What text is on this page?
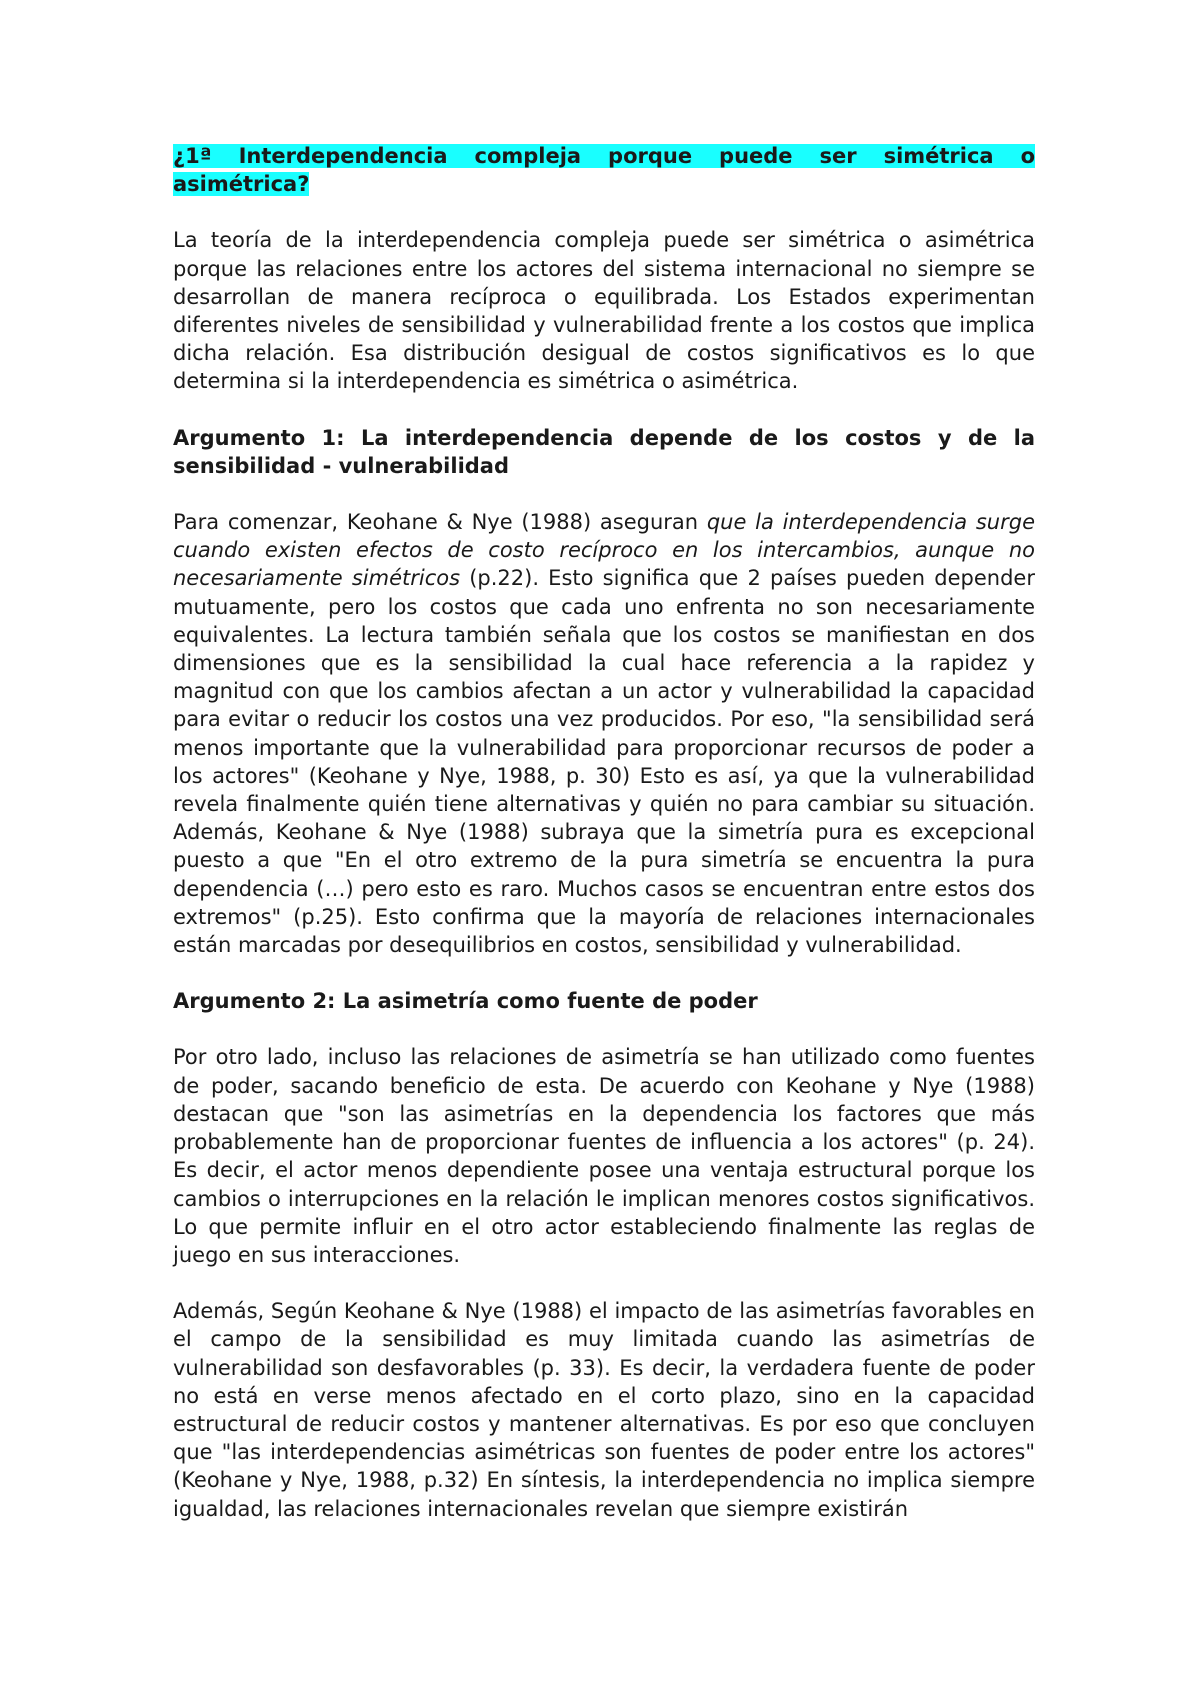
¿1ª Interdependencia compleja porque puede ser simétrica o asimétrica?

La teoría de la interdependencia compleja puede ser simétrica o asimétrica porque las relaciones entre los actores del sistema internacional no siempre se desarrollan de manera recíproca o equilibrada. Los Estados experimentan diferentes niveles de sensibilidad y vulnerabilidad frente a los costos que implica dicha relación. Esa distribución desigual de costos significativos es lo que determina si la interdependencia es simétrica o asimétrica.

Argumento 1: La interdependencia depende de los costos y de la sensibilidad - vulnerabilidad

Para comenzar, Keohane & Nye (1988) aseguran que la interdependencia surge cuando existen efectos de costo recíproco en los intercambios, aunque no necesariamente simétricos (p.22). Esto significa que 2 países pueden depender mutuamente, pero los costos que cada uno enfrenta no son necesariamente equivalentes. La lectura también señala que los costos se manifiestan en dos dimensiones que es la sensibilidad la cual hace referencia a la rapidez y magnitud con que los cambios afectan a un actor y vulnerabilidad la capacidad para evitar o reducir los costos una vez producidos. Por eso, "la sensibilidad será menos importante que la vulnerabilidad para proporcionar recursos de poder a los actores" (Keohane y Nye, 1988, p. 30) Esto es así, ya que la vulnerabilidad revela finalmente quién tiene alternativas y quién no para cambiar su situación. Además, Keohane & Nye (1988) subraya que la simetría pura es excepcional puesto a que "En el otro extremo de la pura simetría se encuentra la pura dependencia (…) pero esto es raro. Muchos casos se encuentran entre estos dos extremos" (p.25). Esto confirma que la mayoría de relaciones internacionales están marcadas por desequilibrios en costos, sensibilidad y vulnerabilidad.

Argumento 2: La asimetría como fuente de poder

Por otro lado, incluso las relaciones de asimetría se han utilizado como fuentes de poder, sacando beneficio de esta. De acuerdo con Keohane y Nye (1988) destacan que "son las asimetrías en la dependencia los factores que más probablemente han de proporcionar fuentes de influencia a los actores" (p. 24). Es decir, el actor menos dependiente posee una ventaja estructural porque los cambios o interrupciones en la relación le implican menores costos significativos. Lo que permite influir en el otro actor estableciendo finalmente las reglas de juego en sus interacciones.

Además, Según Keohane & Nye (1988) el impacto de las asimetrías favorables en el campo de la sensibilidad es muy limitada cuando las asimetrías de vulnerabilidad son desfavorables (p. 33). Es decir, la verdadera fuente de poder no está en verse menos afectado en el corto plazo, sino en la capacidad estructural de reducir costos y mantener alternativas. Es por eso que concluyen que "las interdependencias asimétricas son fuentes de poder entre los actores" (Keohane y Nye, 1988, p.32) En síntesis, la interdependencia no implica siempre igualdad, las relaciones internacionales revelan que siempre existirán
